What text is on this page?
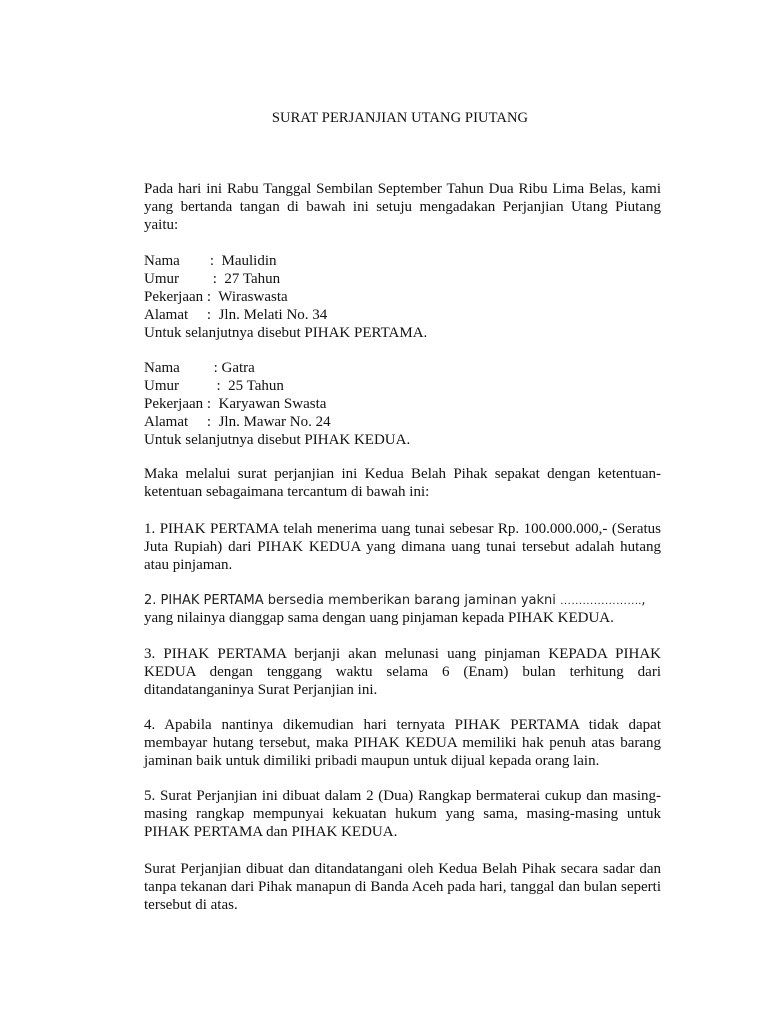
SURAT PERJANJIAN UTANG PIUTANG
Pada hari ini Rabu Tanggal Sembilan September Tahun Dua Ribu Lima Belas, kami yang bertanda tangan di bawah ini setuju mengadakan Perjanjian Utang Piutang yaitu:
Nama        :  Maulidin
Umur         :  27 Tahun
Pekerjaan :  Wiraswasta
Alamat     :  Jln. Melati No. 34
Untuk selanjutnya disebut PIHAK PERTAMA.
Nama         : Gatra
Umur          :  25 Tahun
Pekerjaan :  Karyawan Swasta
Alamat     :  Jln. Mawar No. 24
Untuk selanjutnya disebut PIHAK KEDUA.
Maka melalui surat perjanjian ini Kedua Belah Pihak sepakat dengan ketentuan-ketentuan sebagaimana tercantum di bawah ini:
1. PIHAK PERTAMA telah menerima uang tunai sebesar Rp. 100.000.000,- (Seratus Juta Rupiah) dari PIHAK KEDUA yang dimana uang tunai tersebut adalah hutang atau pinjaman.
2. PIHAK PERTAMA bersedia memberikan barang jaminan yakni ………………….,
yang nilainya dianggap sama dengan uang pinjaman kepada PIHAK KEDUA.
3. PIHAK PERTAMA berjanji akan melunasi uang pinjaman KEPADA PIHAK KEDUA dengan tenggang waktu selama 6 (Enam) bulan terhitung dari ditandatanganinya Surat Perjanjian ini.
4. Apabila nantinya dikemudian hari ternyata PIHAK PERTAMA tidak dapat membayar hutang tersebut, maka PIHAK KEDUA memiliki hak penuh atas barang jaminan baik untuk dimiliki pribadi maupun untuk dijual kepada orang lain.
5. Surat Perjanjian ini dibuat dalam 2 (Dua) Rangkap bermaterai cukup dan masing-masing rangkap mempunyai kekuatan hukum yang sama, masing-masing untuk PIHAK PERTAMA dan PIHAK KEDUA.
Surat Perjanjian dibuat dan ditandatangani oleh Kedua Belah Pihak secara sadar dan tanpa tekanan dari Pihak manapun di Banda Aceh pada hari, tanggal dan bulan seperti tersebut di atas.
